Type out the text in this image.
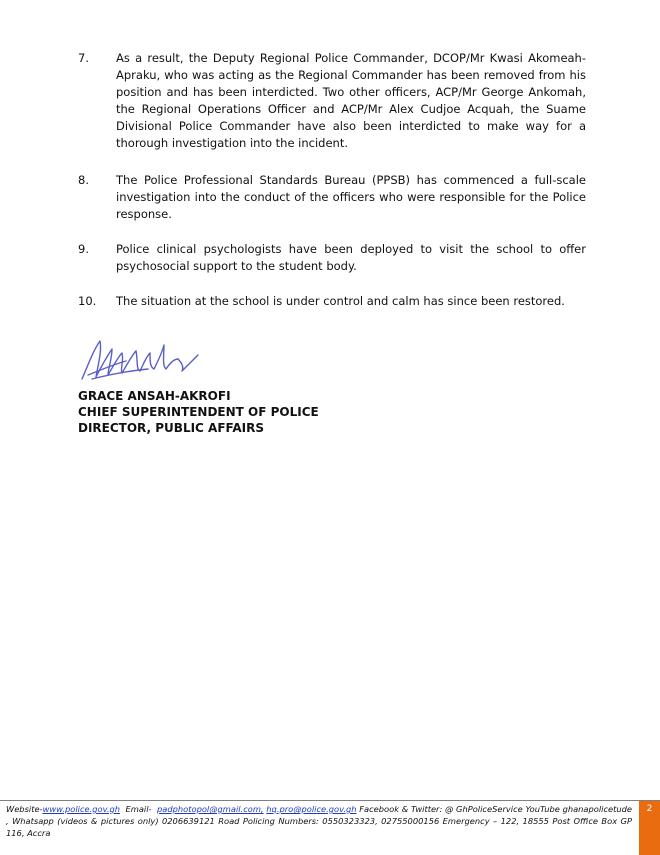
7. As a result, the Deputy Regional Police Commander, DCOP/Mr Kwasi Akomeah-Apraku, who was acting as the Regional Commander has been removed from his position and has been interdicted. Two other officers, ACP/Mr George Ankomah, the Regional Operations Officer and ACP/Mr Alex Cudjoe Acquah, the Suame Divisional Police Commander have also been interdicted to make way for a thorough investigation into the incident.
8. The Police Professional Standards Bureau (PPSB) has commenced a full-scale investigation into the conduct of the officers who were responsible for the Police response.
9. Police clinical psychologists have been deployed to visit the school to offer psychosocial support to the student body.
10. The situation at the school is under control and calm has since been restored.
GRACE ANSAH-AKROFI
CHIEF SUPERINTENDENT OF POLICE
DIRECTOR, PUBLIC AFFAIRS
Website-www.police.gov.gh Email- padphotopol@gmail.com, hq.pro@police.gov.gh Facebook & Twitter: @ GhPoliceService YouTube ghanapolicetude , Whatsapp (videos & pictures only) 0206639121 Road Policing Numbers: 0550323323, 02755000156 Emergency – 122, 18555 Post Office Box GP 116, Accra
2
